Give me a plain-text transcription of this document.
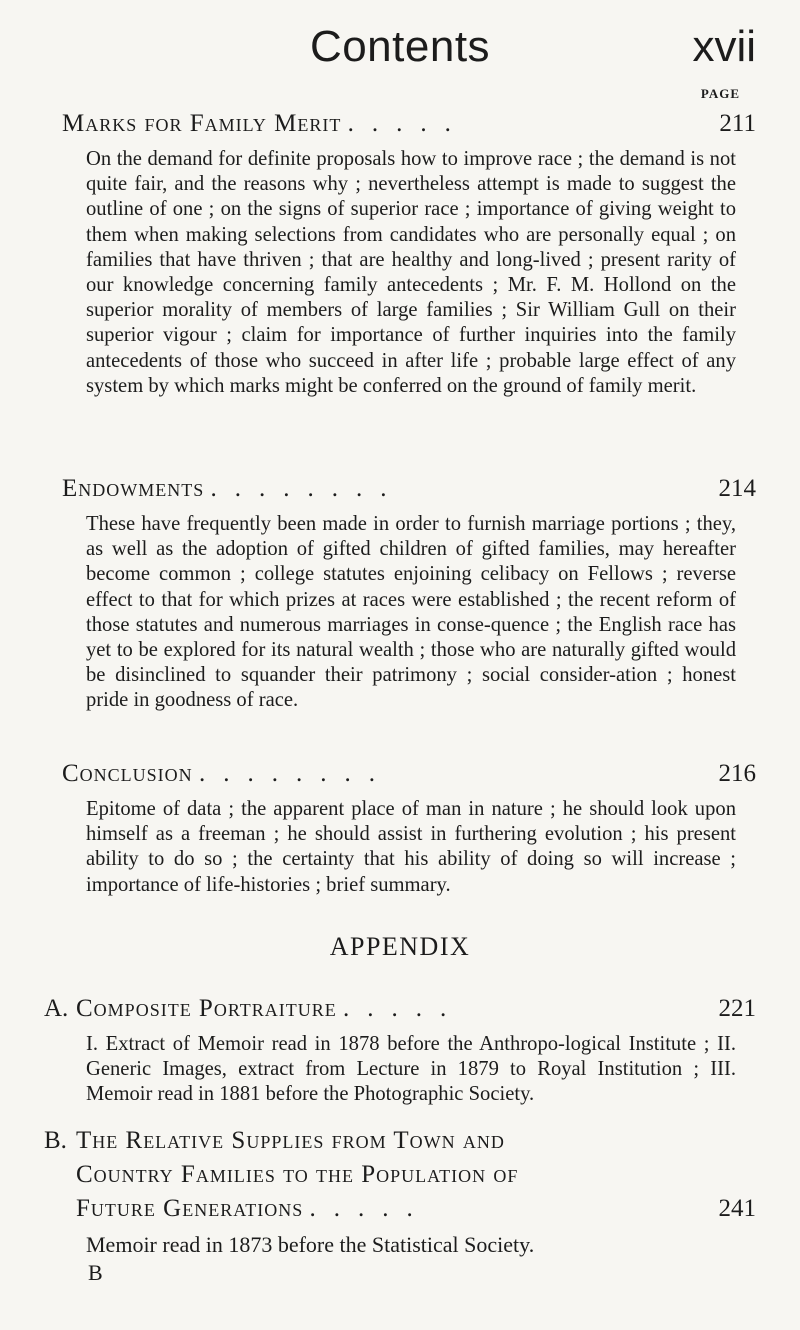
Contents	xvii
PAGE
Marks for Family Merit .....	211
On the demand for definite proposals how to improve race ; the demand is not quite fair, and the reasons why ; nevertheless attempt is made to suggest the outline of one ; on the signs of superior race ; importance of giving weight to them when making selections from candidates who are personally equal ; on families that have thriven ; that are healthy and long-lived ; present rarity of our knowledge concerning family antecedents ; Mr. F. M. Hollond on the superior morality of members of large families ; Sir William Gull on their superior vigour ; claim for importance of further inquiries into the family antecedents of those who succeed in after life ; probable large effect of any system by which marks might be conferred on the ground of family merit.
Endowments ........	214
These have frequently been made in order to furnish marriage portions ; they, as well as the adoption of gifted children of gifted families, may hereafter become common ; college statutes enjoining celibacy on Fellows ; reverse effect to that for which prizes at races were established ; the recent reform of those statutes and numerous marriages in conse-quence ; the English race has yet to be explored for its natural wealth ; those who are naturally gifted would be disinclined to squander their patrimony ; social consider-ation ; honest pride in goodness of race.
Conclusion ........	216
Epitome of data ; the apparent place of man in nature ; he should look upon himself as a freeman ; he should assist in furthering evolution ; his present ability to do so ; the certainty that his ability of doing so will increase ; importance of life-histories ; brief summary.
APPENDIX
A. Composite Portraiture .....	221
I. Extract of Memoir read in 1878 before the Anthropo-logical Institute ; II. Generic Images, extract from Lecture in 1879 to Royal Institution ; III. Memoir read in 1881 before the Photographic Society.
B. The Relative Supplies from Town and
Country Families to the Population of
Future Generations .....	241
Memoir read in 1873 before the Statistical Society.
B
